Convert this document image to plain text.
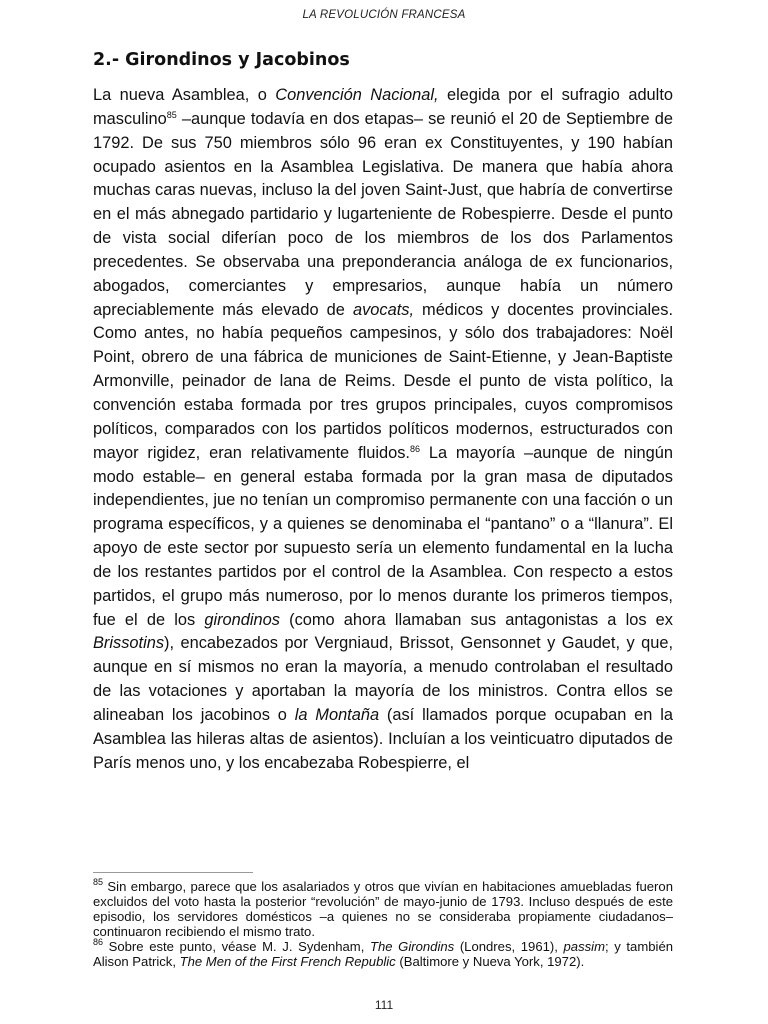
LA REVOLUCIÓN FRANCESA
2.- Girondinos y Jacobinos
La nueva Asamblea, o Convención Nacional, elegida por el sufragio adulto masculino$^{85}$ –aunque todavía en dos etapas– se reunió el 20 de Septiembre de 1792. De sus 750 miembros sólo 96 eran ex Constituyentes, y 190 habían ocupado asientos en la Asamblea Legislativa. De manera que había ahora muchas caras nuevas, incluso la del joven Saint-Just, que habría de convertirse en el más abnegado partidario y lugarteniente de Robespierre. Desde el punto de vista social diferían poco de los miembros de los dos Parlamentos precedentes. Se observaba una preponderancia análoga de ex funcionarios, abogados, comerciantes y empresarios, aunque había un número apreciablemente más elevado de avocats, médicos y docentes provinciales. Como antes, no había pequeños campesinos, y sólo dos trabajadores: Noël Point, obrero de una fábrica de municiones de Saint-Etienne, y Jean-Baptiste Armonville, peinador de lana de Reims. Desde el punto de vista político, la convención estaba formada por tres grupos principales, cuyos compromisos políticos, comparados con los partidos políticos modernos, estructurados con mayor rigidez, eran relativamente fluidos.$^{86}$ La mayoría –aunque de ningún modo estable– en general estaba formada por la gran masa de diputados independientes, jue no tenían un compromiso permanente con una facción o un programa específicos, y a quienes se denominaba el “pantano” o a “llanura”. El apoyo de este sector por supuesto sería un elemento fundamental en la lucha de los restantes partidos por el control de la Asamblea. Con respecto a estos partidos, el grupo más numeroso, por lo menos durante los primeros tiempos, fue el de los girondinos (como ahora llamaban sus antagonistas a los ex Brissotins), encabezados por Vergniaud, Brissot, Gensonnet y Gaudet, y que, aunque en sí mismos no eran la mayoría, a menudo controlaban el resultado de las votaciones y aportaban la mayoría de los ministros. Contra ellos se alineaban los jacobinos o la Montaña (así llamados porque ocupaban en la Asamblea las hileras altas de asientos). Incluían a los veinticuatro diputados de París menos uno, y los encabezaba Robespierre, el

$^{85}$ Sin embargo, parece que los asalariados y otros que vivían en habitaciones amuebladas fueron excluidos del voto hasta la posterior “revolución” de mayo-junio de 1793. Incluso después de este episodio, los servidores domésticos –a quienes no se consideraba propiamente ciudadanos– continuaron recibiendo el mismo trato.

$^{86}$ Sobre este punto, véase M. J. Sydenham, The Girondins (Londres, 1961), passim; y también Alison Patrick, The Men of the First French Republic (Baltimore y Nueva York, 1972).

111
